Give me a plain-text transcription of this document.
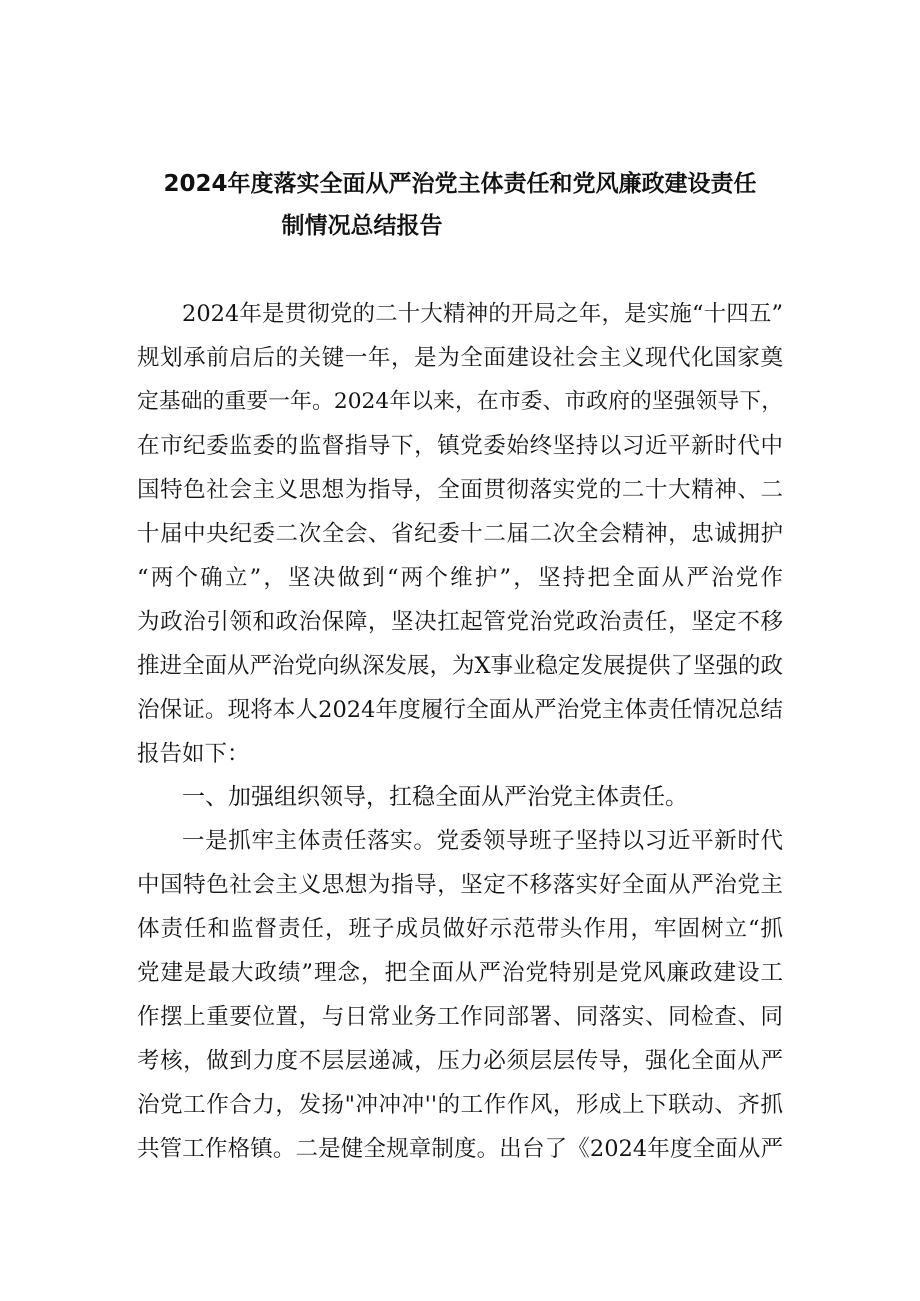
2024年度落实全面从严治党主体责任和党风廉政建设责任
制情况总结报告
2024年是贯彻党的二十大精神的开局之年，是实施“十四五”
规划承前启后的关键一年，是为全面建设社会主义现代化国家奠
定基础的重要一年。2024年以来，在市委、市政府的坚强领导下，
在市纪委监委的监督指导下，镇党委始终坚持以习近平新时代中
国特色社会主义思想为指导，全面贯彻落实党的二十大精神、二
十届中央纪委二次全会、省纪委十二届二次全会精神，忠诚拥护
“两个确立”，坚决做到“两个维护”，坚持把全面从严治党作
为政治引领和政治保障，坚决扛起管党治党政治责任，坚定不移
推进全面从严治党向纵深发展，为X事业稳定发展提供了坚强的政
治保证。现将本人2024年度履行全面从严治党主体责任情况总结
报告如下：
一、加强组织领导，扛稳全面从严治党主体责任。
一是抓牢主体责任落实。党委领导班子坚持以习近平新时代
中国特色社会主义思想为指导，坚定不移落实好全面从严治党主
体责任和监督责任，班子成员做好示范带头作用，牢固树立“抓
党建是最大政绩”理念，把全面从严治党特别是党风廉政建设工
作摆上重要位置，与日常业务工作同部署、同落实、同检查、同
考核，做到力度不层层递减，压力必须层层传导，强化全面从严
治党工作合力，发扬"冲冲冲''的工作作风，形成上下联动、齐抓
共管工作格镇。二是健全规章制度。出台了《2024年度全面从严
